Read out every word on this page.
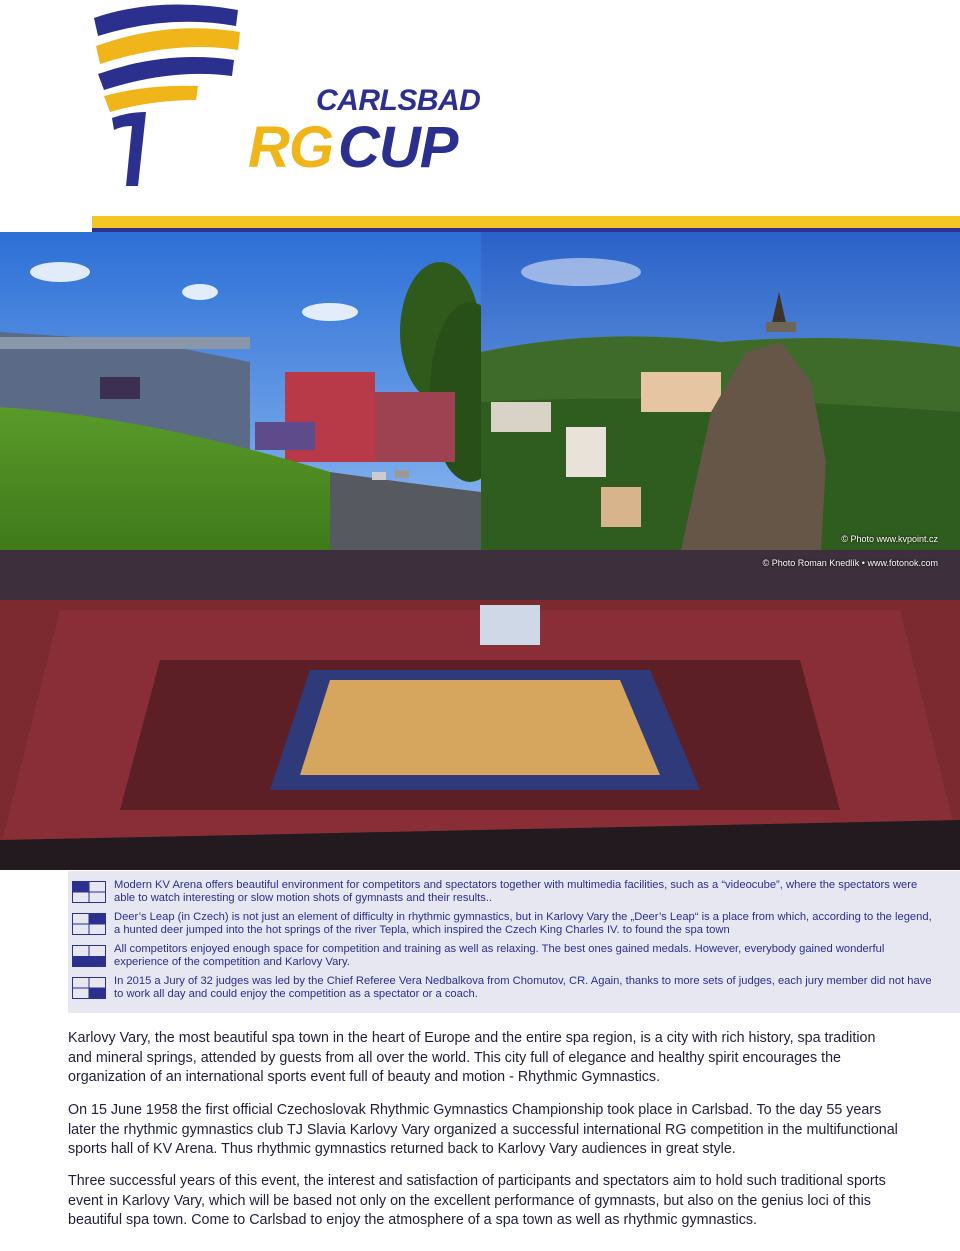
CARLSBAD
RG CUP
© Photo www.kvpoint.cz
© Photo Roman Knedlík • www.fotonok.com
Modern KV Arena offers beautiful environment for competitors and spectators together with multimedia facilities, such as a “videocube”, where the spectators were able to watch interesting or slow motion shots of gymnasts and their results..
Deer’s Leap (in Czech) is not just an element of difficulty in rhythmic gymnastics, but in Karlovy Vary the „Deer’s Leap“ is a place from which, according to the legend, a hunted deer jumped into the hot springs of the river Tepla, which inspired the Czech King Charles IV. to found the spa town
All competitors enjoyed enough space for competition and training as well as relaxing. The best ones gained medals. However, everybody gained wonderful experience of the competition and Karlovy Vary.
In 2015 a Jury of 32 judges was led by the Chief Referee Vera Nedbalkova from Chomutov, CR. Again, thanks to more sets of judges, each jury member did not have to work all day and could enjoy the competition as a spectator or a coach.

Karlovy Vary, the most beautiful spa town in the heart of Europe and the entire spa region, is a city with rich history, spa tradition and mineral springs, attended by guests from all over the world. This city full of elegance and healthy spirit encourages the organization of an international sports event full of beauty and motion - Rhythmic Gymnastics.

On 15 June 1958 the first official Czechoslovak Rhythmic Gymnastics Championship took place in Carlsbad. To the day 55 years later the rhythmic gymnastics club TJ Slavia Karlovy Vary organized a successful international RG competition in the multifunctional sports hall of KV Arena. Thus rhythmic gymnastics returned back to Karlovy Vary audiences in great style.

Three successful years of this event, the interest and satisfaction of participants and spectators aim to hold such traditional sports event in Karlovy Vary, which will be based not only on the excellent performance of gymnasts, but also on the genius loci of this beautiful spa town. Come to Carlsbad to enjoy the atmosphere of a spa town as well as rhythmic gymnastics.
